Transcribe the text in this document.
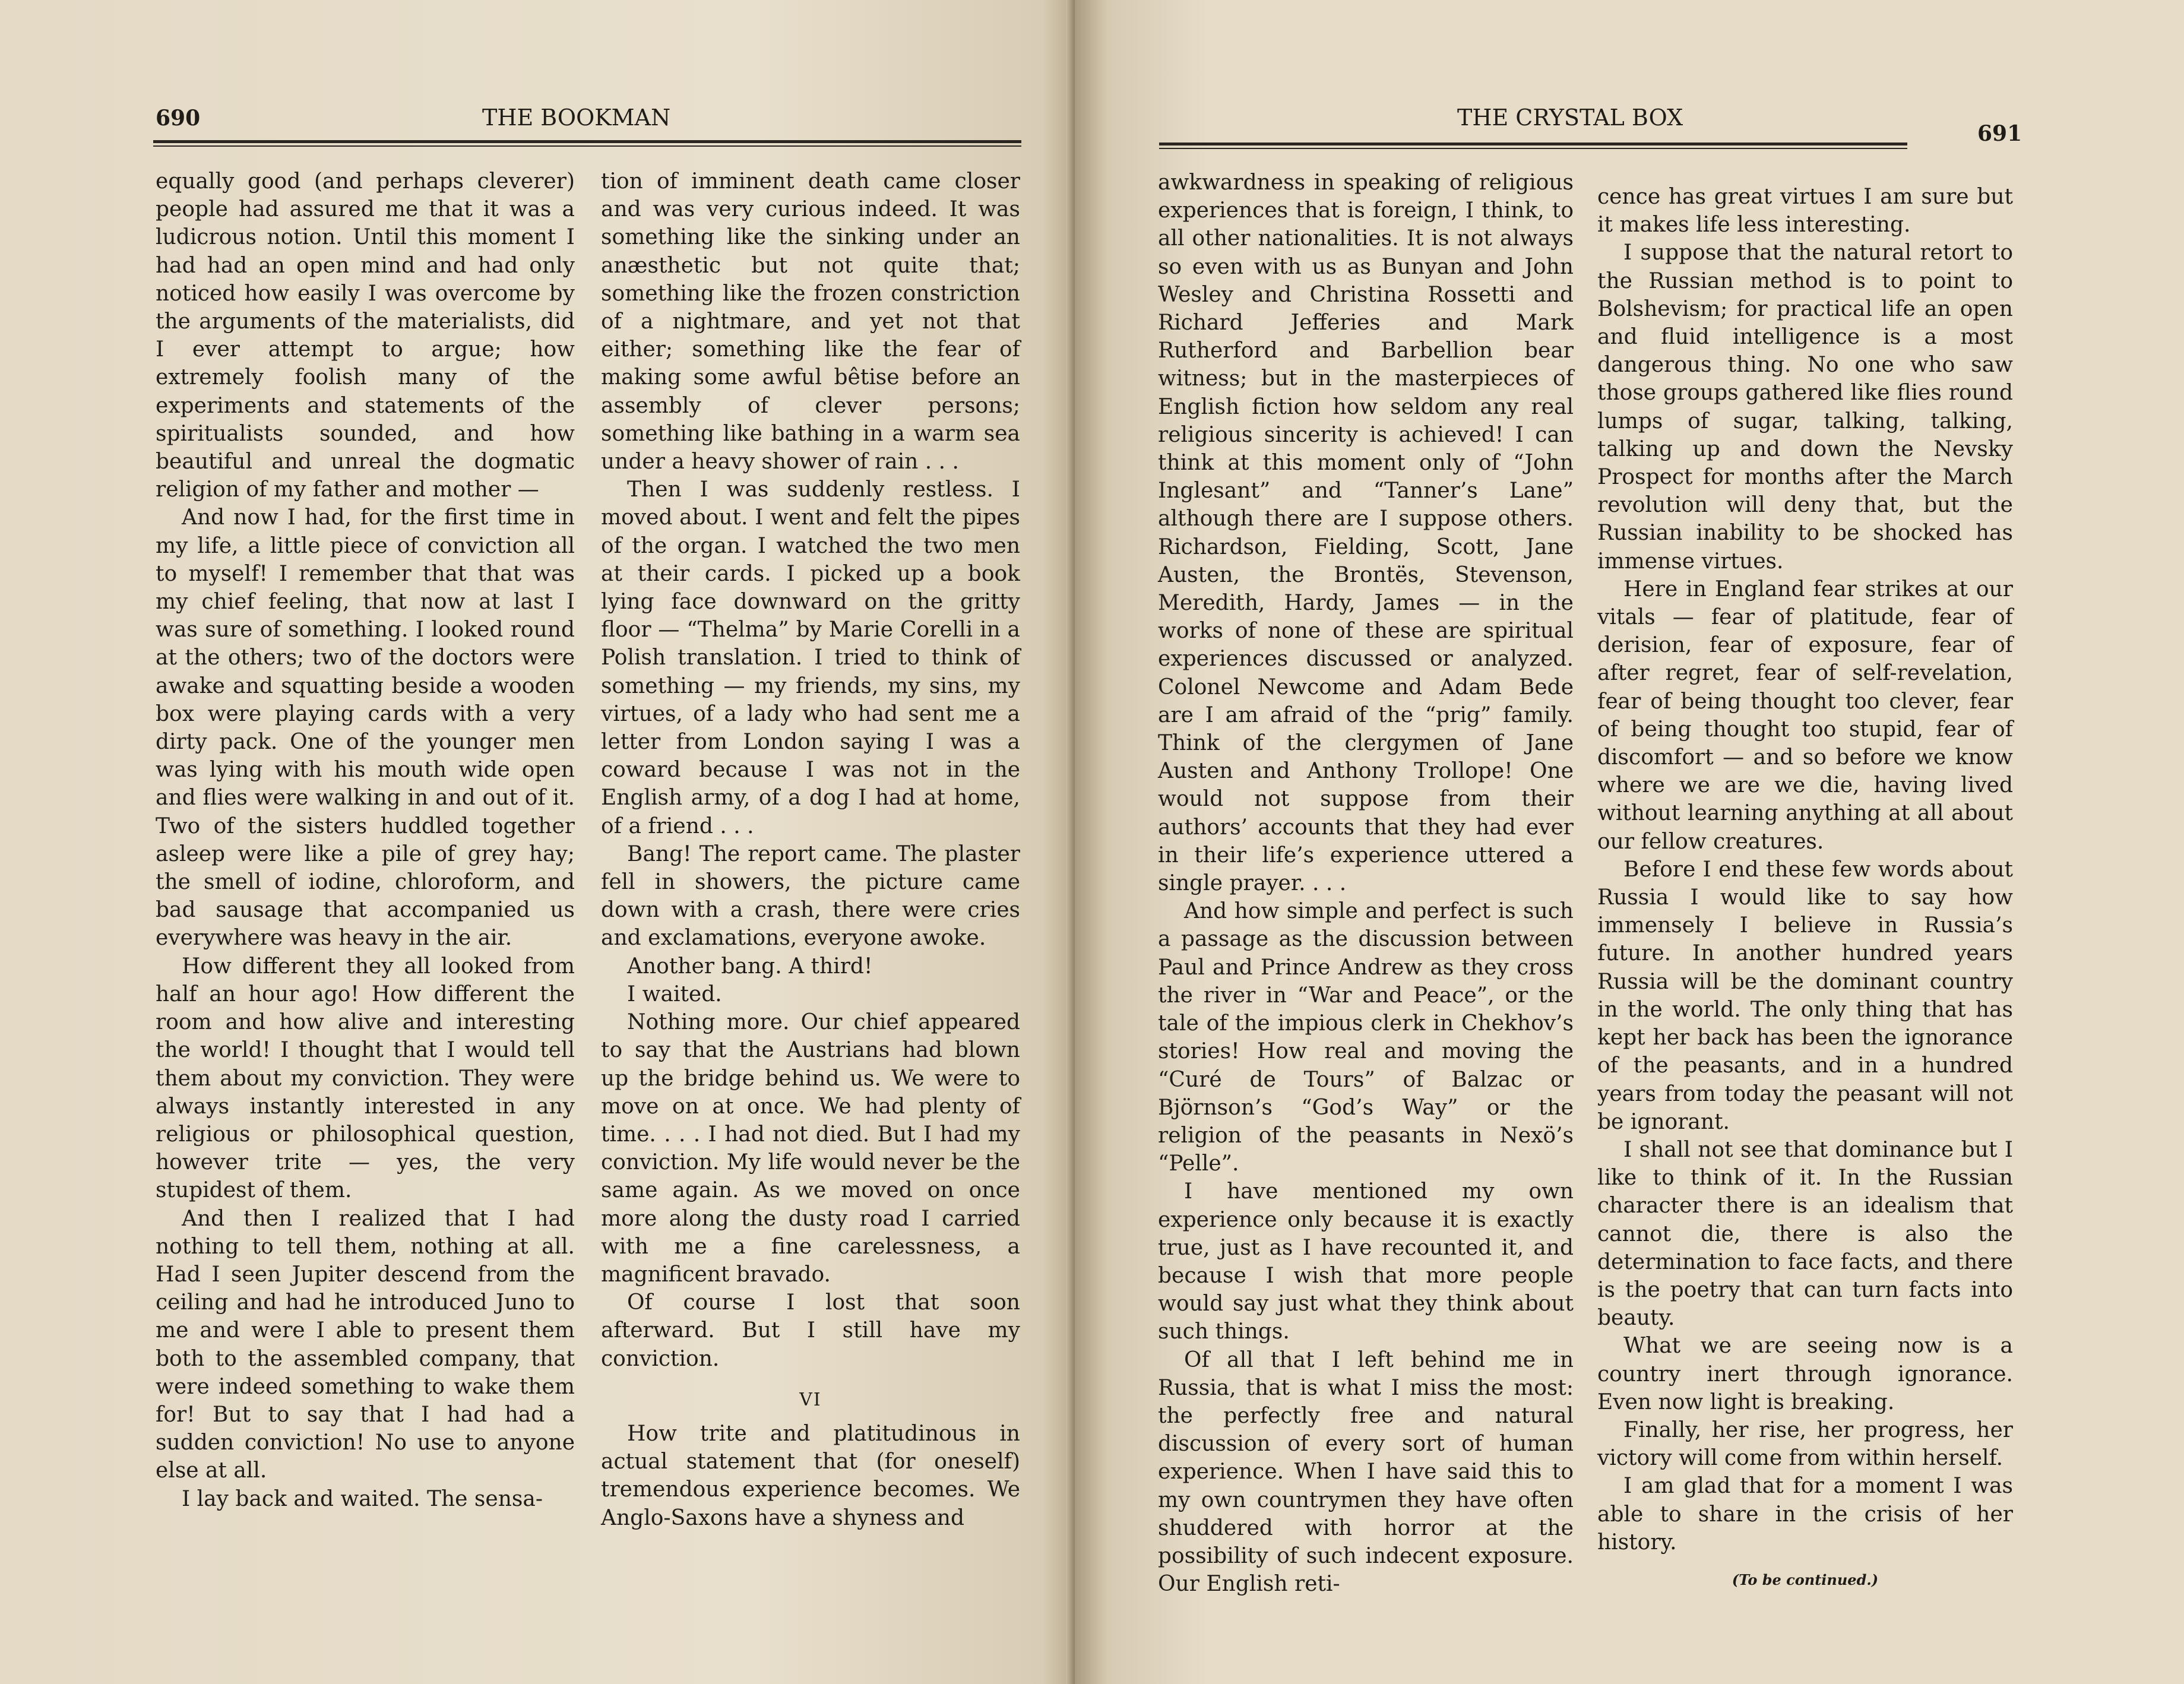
690	THE BOOKMAN

equally good (and perhaps cleverer) people had assured me that it was a ludicrous notion. Until this moment I had had an open mind and had only noticed how easily I was overcome by the arguments of the materialists, did I ever attempt to argue; how extremely foolish many of the experiments and statements of the spiritualists sounded, and how beautiful and unreal the dogmatic religion of my father and mother —

And now I had, for the first time in my life, a little piece of conviction all to myself! I remember that that was my chief feeling, that now at last I was sure of something. I looked round at the others; two of the doctors were awake and squatting beside a wooden box were playing cards with a very dirty pack. One of the younger men was lying with his mouth wide open and flies were walking in and out of it. Two of the sisters huddled together asleep were like a pile of grey hay; the smell of iodine, chloroform, and bad sausage that accompanied us everywhere was heavy in the air.

How different they all looked from half an hour ago! How different the room and how alive and interesting the world! I thought that I would tell them about my conviction. They were always instantly interested in any religious or philosophical question, however trite — yes, the very stupidest of them.

And then I realized that I had nothing to tell them, nothing at all. Had I seen Jupiter descend from the ceiling and had he introduced Juno to me and were I able to present them both to the assembled company, that were indeed something to wake them for! But to say that I had had a sudden conviction! No use to anyone else at all.

I lay back and waited. The sensa-

tion of imminent death came closer and was very curious indeed. It was something like the sinking under an anæsthetic but not quite that; something like the frozen constriction of a nightmare, and yet not that either; something like the fear of making some awful bêtise before an assembly of clever persons; something like bathing in a warm sea under a heavy shower of rain . . .

Then I was suddenly restless. I moved about. I went and felt the pipes of the organ. I watched the two men at their cards. I picked up a book lying face downward on the gritty floor — “Thelma” by Marie Corelli in a Polish translation. I tried to think of something — my friends, my sins, my virtues, of a lady who had sent me a letter from London saying I was a coward because I was not in the English army, of a dog I had at home, of a friend . . .

Bang! The report came. The plaster fell in showers, the picture came down with a crash, there were cries and exclamations, everyone awoke.

Another bang. A third!

I waited.

Nothing more. Our chief appeared to say that the Austrians had blown up the bridge behind us. We were to move on at once. We had plenty of time. . . . I had not died. But I had my conviction. My life would never be the same again. As we moved on once more along the dusty road I carried with me a fine carelessness, a magnificent bravado.

Of course I lost that soon afterward. But I still have my conviction.

VI

How trite and platitudinous in actual statement that (for oneself) tremendous experience becomes. We Anglo-Saxons have a shyness and

THE CRYSTAL BOX
691

awkwardness in speaking of religious experiences that is foreign, I think, to all other nationalities. It is not always so even with us as Bunyan and John Wesley and Christina Rossetti and Richard Jefferies and Mark Rutherford and Barbellion bear witness; but in the masterpieces of English fiction how seldom any real religious sincerity is achieved! I can think at this moment only of “John Inglesant” and “Tanner’s Lane” although there are I suppose others. Richardson, Fielding, Scott, Jane Austen, the Brontës, Stevenson, Meredith, Hardy, James — in the works of none of these are spiritual experiences discussed or analyzed. Colonel Newcome and Adam Bede are I am afraid of the “prig” family. Think of the clergymen of Jane Austen and Anthony Trollope! One would not suppose from their authors’ accounts that they had ever in their life’s experience uttered a single prayer. . . .

And how simple and perfect is such a passage as the discussion between Paul and Prince Andrew as they cross the river in “War and Peace”, or the tale of the impious clerk in Chekhov’s stories! How real and moving the “Curé de Tours” of Balzac or Björnson’s “God’s Way” or the religion of the peasants in Nexö’s “Pelle”.

I have mentioned my own experience only because it is exactly true, just as I have recounted it, and because I wish that more people would say just what they think about such things.

Of all that I left behind me in Russia, that is what I miss the most: the perfectly free and natural discussion of every sort of human experience. When I have said this to my own countrymen they have often shuddered with horror at the possibility of such indecent exposure. Our English reti-

cence has great virtues I am sure but it makes life less interesting.

I suppose that the natural retort to the Russian method is to point to Bolshevism; for practical life an open and fluid intelligence is a most dangerous thing. No one who saw those groups gathered like flies round lumps of sugar, talking, talking, talking up and down the Nevsky Prospect for months after the March revolution will deny that, but the Russian inability to be shocked has immense virtues.

Here in England fear strikes at our vitals — fear of platitude, fear of derision, fear of exposure, fear of after regret, fear of self-revelation, fear of being thought too clever, fear of being thought too stupid, fear of discomfort — and so before we know where we are we die, having lived without learning anything at all about our fellow creatures.

Before I end these few words about Russia I would like to say how immensely I believe in Russia’s future. In another hundred years Russia will be the dominant country in the world. The only thing that has kept her back has been the ignorance of the peasants, and in a hundred years from today the peasant will not be ignorant.

I shall not see that dominance but I like to think of it. In the Russian character there is an idealism that cannot die, there is also the determination to face facts, and there is the poetry that can turn facts into beauty.

What we are seeing now is a country inert through ignorance. Even now light is breaking.

Finally, her rise, her progress, her victory will come from within herself.

I am glad that for a moment I was able to share in the crisis of her history.

(To be continued.)
